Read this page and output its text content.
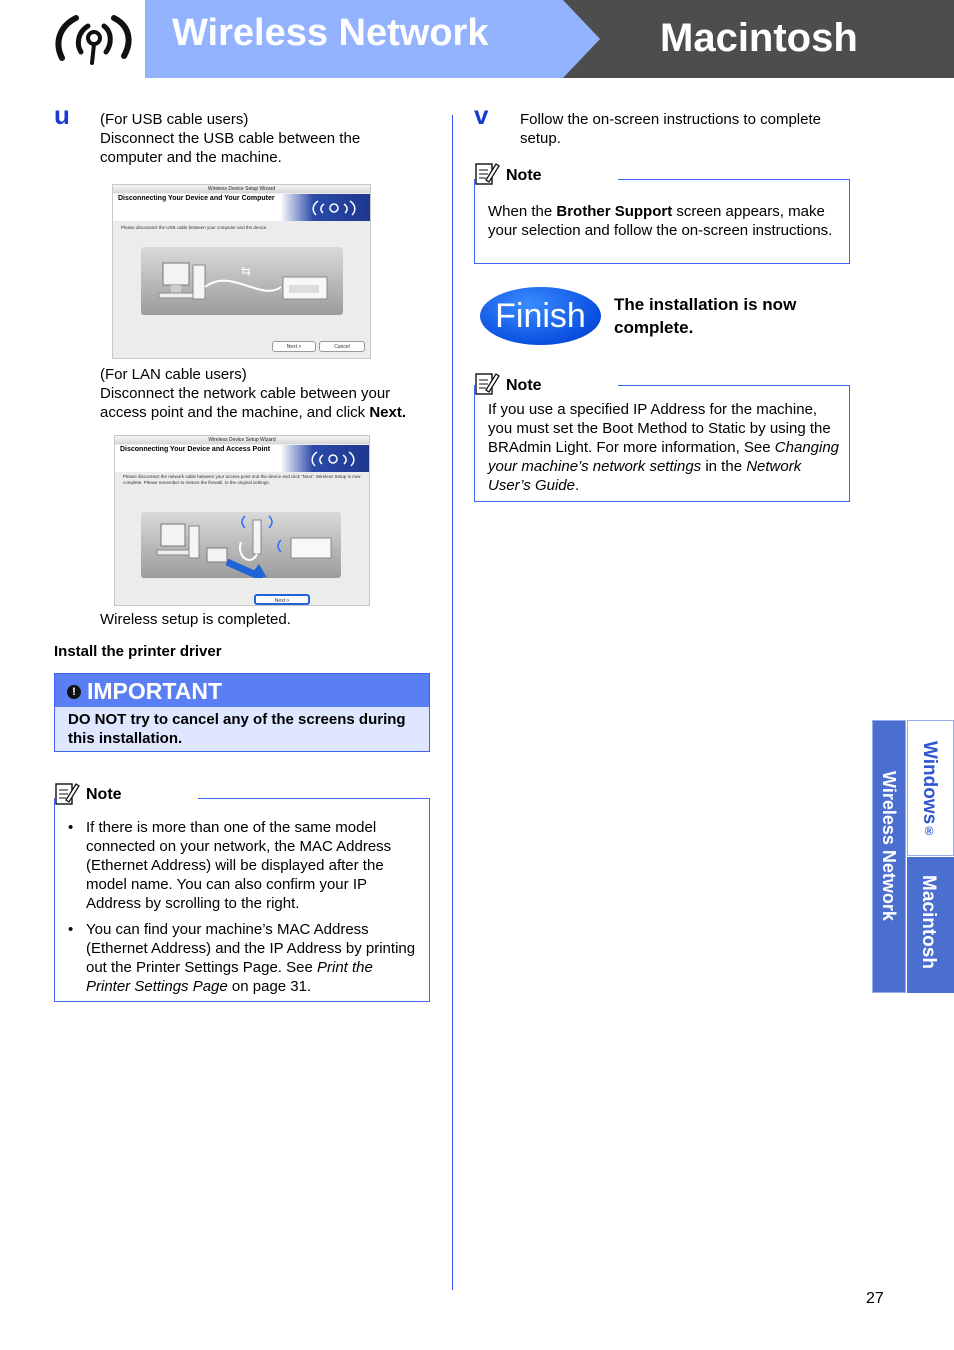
Wireless Network	Macintosh
u (For USB cable users)
Disconnect the USB cable between the computer and the machine.
Wireless Device Setup Wizard
Disconnecting Your Device and Your Computer
Please disconnect the USB cable between your computer and the device.
⇆
Next >	Cancel
(For LAN cable users)
Disconnect the network cable between your access point and the machine, and click Next.
Wireless Device Setup Wizard
Disconnecting Your Device and Access Point
Please disconnect the network cable between your access point and the device and click "Next". Wireless Setup is now complete. Please remember to restore the firewall, to the original settings.
Next >
Wireless setup is completed.
Install the printer driver
! IMPORTANT
DO NOT try to cancel any of the screens during this installation.
Note
• If there is more than one of the same model connected on your network, the MAC Address (Ethernet Address) will be displayed after the model name. You can also confirm your IP Address by scrolling to the right.
• You can find your machine’s MAC Address (Ethernet Address) and the IP Address by printing out the Printer Settings Page. See Print the Printer Settings Page on page 31.
v Follow the on-screen instructions to complete setup.
Note
When the Brother Support screen appears, make your selection and follow the on-screen instructions.
Finish	The installation is now complete.
Note
If you use a specified IP Address for the machine, you must set the Boot Method to Static by using the BRAdmin Light. For more information, See Changing your machine’s network settings in the Network User’s Guide.
Wireless Network Windows®
Macintosh
27
